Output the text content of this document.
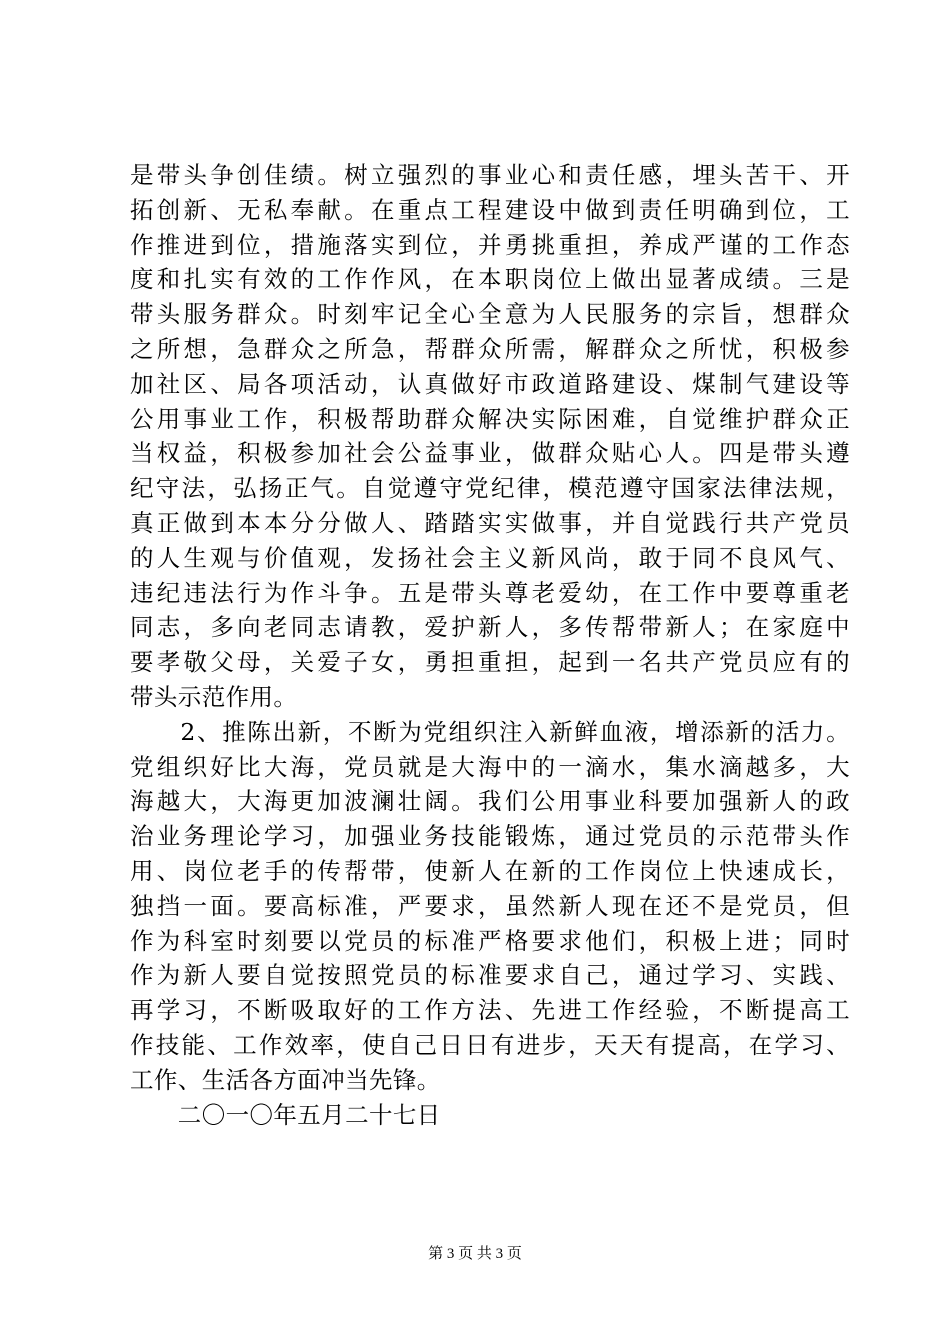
是带头争创佳绩。树立强烈的事业心和责任感，埋头苦干、开
拓创新、无私奉献。在重点工程建设中做到责任明确到位，工
作推进到位，措施落实到位，并勇挑重担，养成严谨的工作态
度和扎实有效的工作作风，在本职岗位上做出显著成绩。三是
带头服务群众。时刻牢记全心全意为人民服务的宗旨，想群众
之所想，急群众之所急，帮群众所需，解群众之所忧，积极参
加社区、局各项活动，认真做好市政道路建设、煤制气建设等
公用事业工作，积极帮助群众解决实际困难，自觉维护群众正
当权益，积极参加社会公益事业，做群众贴心人。四是带头遵
纪守法，弘扬正气。自觉遵守党纪律，模范遵守国家法律法规，
真正做到本本分分做人、踏踏实实做事，并自觉践行共产党员
的人生观与价值观，发扬社会主义新风尚，敢于同不良风气、
违纪违法行为作斗争。五是带头尊老爱幼，在工作中要尊重老
同志，多向老同志请教，爱护新人，多传帮带新人；在家庭中
要孝敬父母，关爱子女，勇担重担，起到一名共产党员应有的
带头示范作用。
　　2、推陈出新，不断为党组织注入新鲜血液，增添新的活力。
党组织好比大海，党员就是大海中的一滴水，集水滴越多，大
海越大，大海更加波澜壮阔。我们公用事业科要加强新人的政
治业务理论学习，加强业务技能锻炼，通过党员的示范带头作
用、岗位老手的传帮带，使新人在新的工作岗位上快速成长，
独挡一面。要高标准，严要求，虽然新人现在还不是党员，但
作为科室时刻要以党员的标准严格要求他们，积极上进；同时
作为新人要自觉按照党员的标准要求自己，通过学习、实践、
再学习，不断吸取好的工作方法、先进工作经验，不断提高工
作技能、工作效率，使自己日日有进步，天天有提高，在学习、
工作、生活各方面冲当先锋。
　　二〇一〇年五月二十七日
第 3 页 共 3 页
